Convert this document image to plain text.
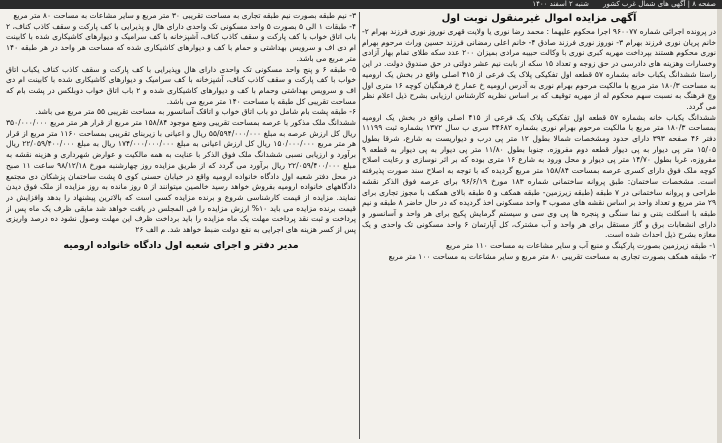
صفحه ۸ | آگهی های شمال غرب کشور شنبه ۲ اسفند ۱۴۰۰
آگهی مزایده اموال غیرمنقول نوبت اول
در پرونده اجرائی شماره ۹۶۰۰۷۷ اجرا محکوم علیهما : محمد رضا نوری یا ولایت قهری نوروز نوری فرزند بهرام ۲- خانم پریان نوری فرزند بهرام ۳- نوروز نوری فرزند صادق ۴- خانم اعلی رمضانی فرزند حسین وراث مرحوم بهرام نوری محکوم هستند بپرداخت مهریه کبری نوری با وکالت حبیبه مرادی بمیزان ۲۰۰ عدد سکه طلای تمام بهار آزادی وخسارات وهزینه های دادرسی در حق زوجه و تعداد ۱۵ سکه از بابت نیم عشر دولتی در حق صندوق دولت. در این راستا ششدانگ یکباب خانه بشماره ۵۷ قطعه اول تفکیکی پلاک یک فرعی از ۴۱۵ اصلی واقع در بخش یک ارومیه به مساحت ۱۸۰/۳ متر مربع با مالکیت مرحوم بهرام نوری به آدرس ارومیه خ عمار خ فرهنگیان کوچه ۱۶ متری اول وچ فرهنگ به نسبت سهم محکوم له از مهریه توقیف که بر اساس نظریه کارشناس ارزیابی بشرح ذیل اعلام نظر می گردد.
ششدانگ یکباب خانه بشماره ۵۷ قطعه اول تفکیکی پلاک یک فرعی از ۴۱۵ اصلی واقع در بخش یک ارومیه بمساحت ۱۸۰/۳ متر مربع با مالکیت مرحوم بهرام نوری بشماره ۳۴۶۸۲ سری ب سال ۱۳۷۲ بشماره ثبت ۱۱۱۹۹ دفتر ۴۶ صفحه ۳۹۳ دارای حدود ومشخصات شمالا بطول ۱۲ متر پی درب و دیواریست به شارع، شرقا بطول ۱۵/۰۵ متر پی دیوار به پی دیوار قطعه دوم مفروزه، جنوبا بطول ۱۱/۸۰ متر پی دیوار به پی دیوار به قطعه ۹ مفروزه، غربا بطول ۱۴/۷۰ متر پی دیوار و محل ورود به شارع ۱۶ متری بوده که بر اثر نوسازی و رعایت اصلاح کوچه ملک فوق دارای کسری عرصه بمساحت ۱۵۸/۸۴ متر مربع گردیده که با توجه به اصلاح سند صورت پذیرفته است. مشخصات ساختمان: طبق پروانه ساختمانی شماره ۱۸۳ مورخ ۹۶/۶/۱۹ برای عرصه فوق الذکر نقشه طراحی و پروانه ساختمانی در ۷ طبقه (طبقه زیرزمین- طبقه همکف و ۵ طبقه بالای همکف با مجوز تجاری برای ۲۹ متر مربع و تعداد واحد بر اساس نقشه های مصوب ۳ واحد مسکونی اخذ گردیده که در حال حاضر ۸ طبقه و نیم طبقه با اسکلت بتنی و نما سنگی و پنجره ها پی وی سی و سیستم گرمایش پکیج برای هر واحد و آسانسور و دارای انشعابات برق و گاز مستقل برای هر واحد و آب مشترک، کل آپارتمان ۶ واحد مسکونی تک واحدی و یک مغازه بشرح ذیل احداث شده است.
۱- طبقه زیرزمین بصورت پارکینگ و منبع آب و سایر مشاعات به مساحت ۱۱۰ متر مربع
۲- طبقه همکف بصورت تجاری به مساحت تقریبی ۸۰ متر مربع و سایر مشاعات به مساحت ۱۰۰ متر مربع
۳- نیم طبقه بصورت نیم طبقه تجاری به مساحت تقریبی ۳۰ متر مربع و سایر مشاعات به مساحت ۸۰ متر مربع
۴- طبقات ۱ الی ۵ بصورت ۵ واحد مسکونی تک واحدی دارای هال و پذیرایی با کف پارکت و سقف کاذب کناف، ۲ باب اتاق خواب با کف پارکت و سقف کاذب کناف، آشپزخانه با کف سرامیک و دیوارهای کاشیکاری شده با کابینت ام دی اف و سرویس بهداشتی و حمام با کف و دیوارهای کاشیکاری شده که مساحت هر واحد در هر طبقه ۱۴۰ متر مربع می باشد.
۵- طبقه ۶ و پنج واحد مسکونی تک واحدی دارای هال وپذیرایی با کف پارکت و سقف کاذب کناف یکباب اتاق خواب با کف پارکت و سقف کاذب کناف، آشپزخانه با کف سرامیک و دیوارهای کاشیکاری شده با کابینت ام دی اف و سرویس بهداشتی وحمام با کف و دیوارهای کاشیکاری شده و ۲ باب اتاق خواب دوبلکس در پشت بام که مساحت تقریبی کل طبقه با مساحت ۱۴۰ متر مربع می باشد.
۶- طبقه پشت بام شامل دو باب اتاق خواب و اتاقک آسانسور به مساحت تقریبی ۵۵ متر مربع می باشد.
ششدانگ ملک مذکور با عرصه بمساحت تقریبی وضع موجود ۱۵۸/۸۴ متر مربع از قرار هر متر مربع ۳۵۰/۰۰۰/۰۰۰ ریال کل ارزش عرصه به مبلغ ۵۵/۵۹۴/۰۰۰/۰۰۰ ریال و اعیانی با زیربنای تقریبی بمساحت ۱۱۶۰ متر مربع از قرار هر متر مربع ۱۵۰/۰۰۰/۰۰۰ ریال کل ارزش اعیانی به مبلغ ۱۷۴/۰۰۰/۰۰۰/۰۰۰ ریال به مبلغ ۲۲/۰۵۹/۴۰۰/۰۰۰ ریال برآورد و ارزیابی نسبی ششدانگ ملک فوق الذکر با عنایت به همه مالکیت و عوارض شهرداری و هزینه نقشه به مبلغ ۲۲/۰۵۹/۴۰۰/۰۰۰ ریال برآورد می گردد که از طریق مزایده روز چهارشنبه مورخ ۹۸/۱۲/۱۸ ساعت ۱۱ صبح در محل دفتر شعبه اول دادگاه خانواده ارومیه واقع در خیابان حسنی کوی ۵ پشت ساختمان پزشکان دی مجتمع دادگاههای خانواده ارومیه بفروش خواهد رسید خالصین میتوانند از ۵ روز مانده به روز مزایده از ملک فوق دیدن نمایند. مزایده از قیمت کارشناسی شروع و برنده مزایده کسی است که بالاترین پیشنهاد را بدهد وافزایش در قیمت برنده مزایده می باید ۱۰% ارزش مزایده را فی المجلس در یافت خواهد شد مابقی ظرف یک ماه پس از پرداخت و ثبت نقد پرداخت مهلت یک ماه مزایده را باید برداخت ظرف این مهلت وصول نشود ده درصد واریزی پس از کسر هزینه های اجرایی به نفع دولت ضبط خواهد شد. م الف ۲۶
مدیر دفتر و اجرای شعبه اول دادگاه خانواده ارومیه
